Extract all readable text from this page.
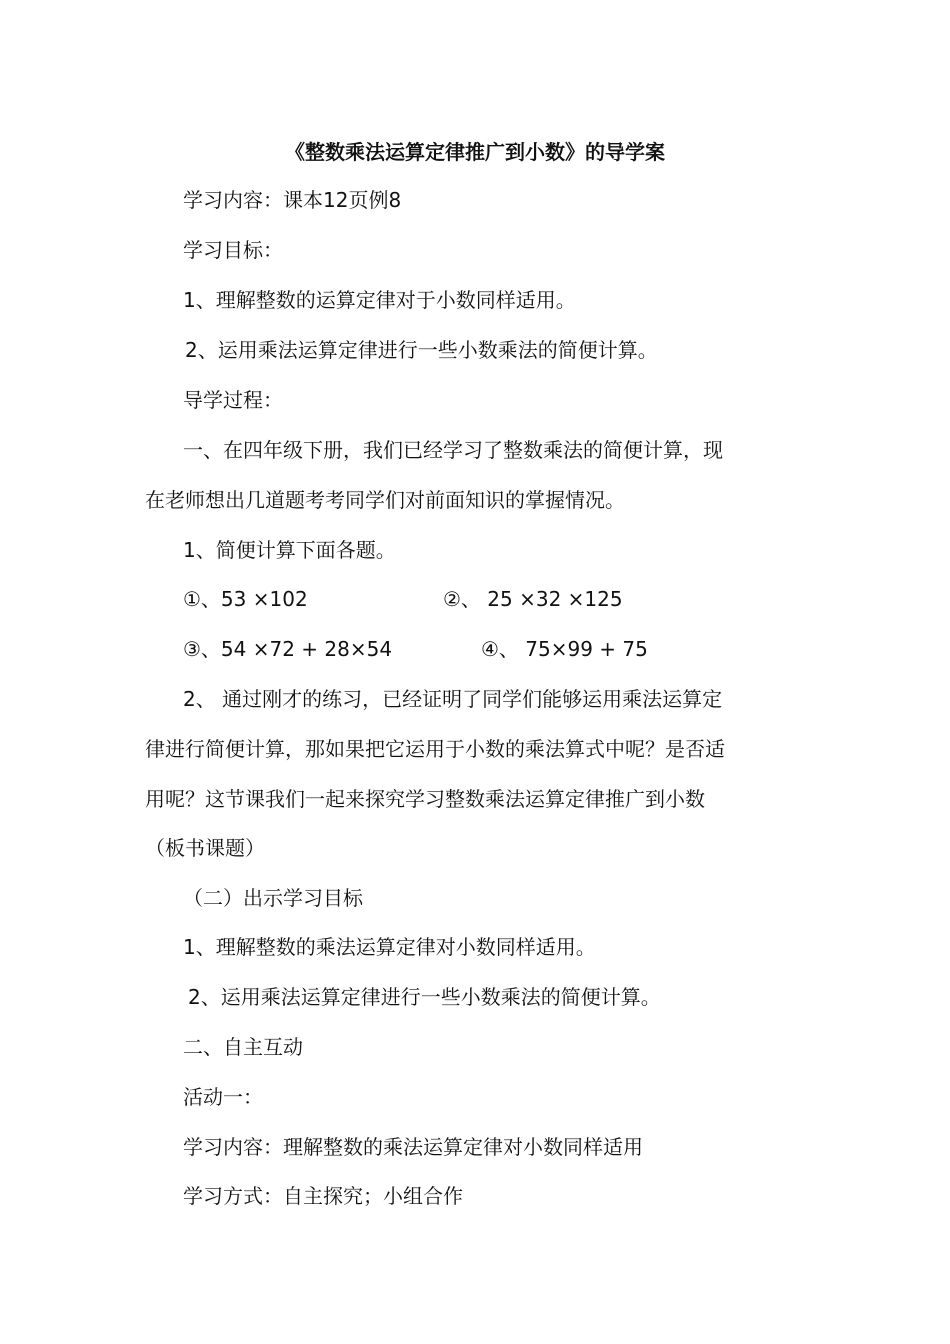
《整数乘法运算定律推广到小数》的导学案
学习内容：课本12页例8
学习目标：
1、理解整数的运算定律对于小数同样适用。
2、运用乘法运算定律进行一些小数乘法的简便计算。
导学过程：
一、在四年级下册，我们已经学习了整数乘法的简便计算，现
在老师想出几道题考考同学们对前面知识的掌握情况。
1、简便计算下面各题。
①、53 ×102	②、 25 ×32 ×125
③、54 ×72 + 28×54	④、 75×99 + 75
2、 通过刚才的练习，已经证明了同学们能够运用乘法运算定
律进行简便计算，那如果把它运用于小数的乘法算式中呢？是否适
用呢？这节课我们一起来探究学习整数乘法运算定律推广到小数
（板书课题）
（二）出示学习目标
1、理解整数的乘法运算定律对小数同样适用。
2、运用乘法运算定律进行一些小数乘法的简便计算。
二、自主互动
活动一：
学习内容：理解整数的乘法运算定律对小数同样适用
学习方式：自主探究；小组合作
